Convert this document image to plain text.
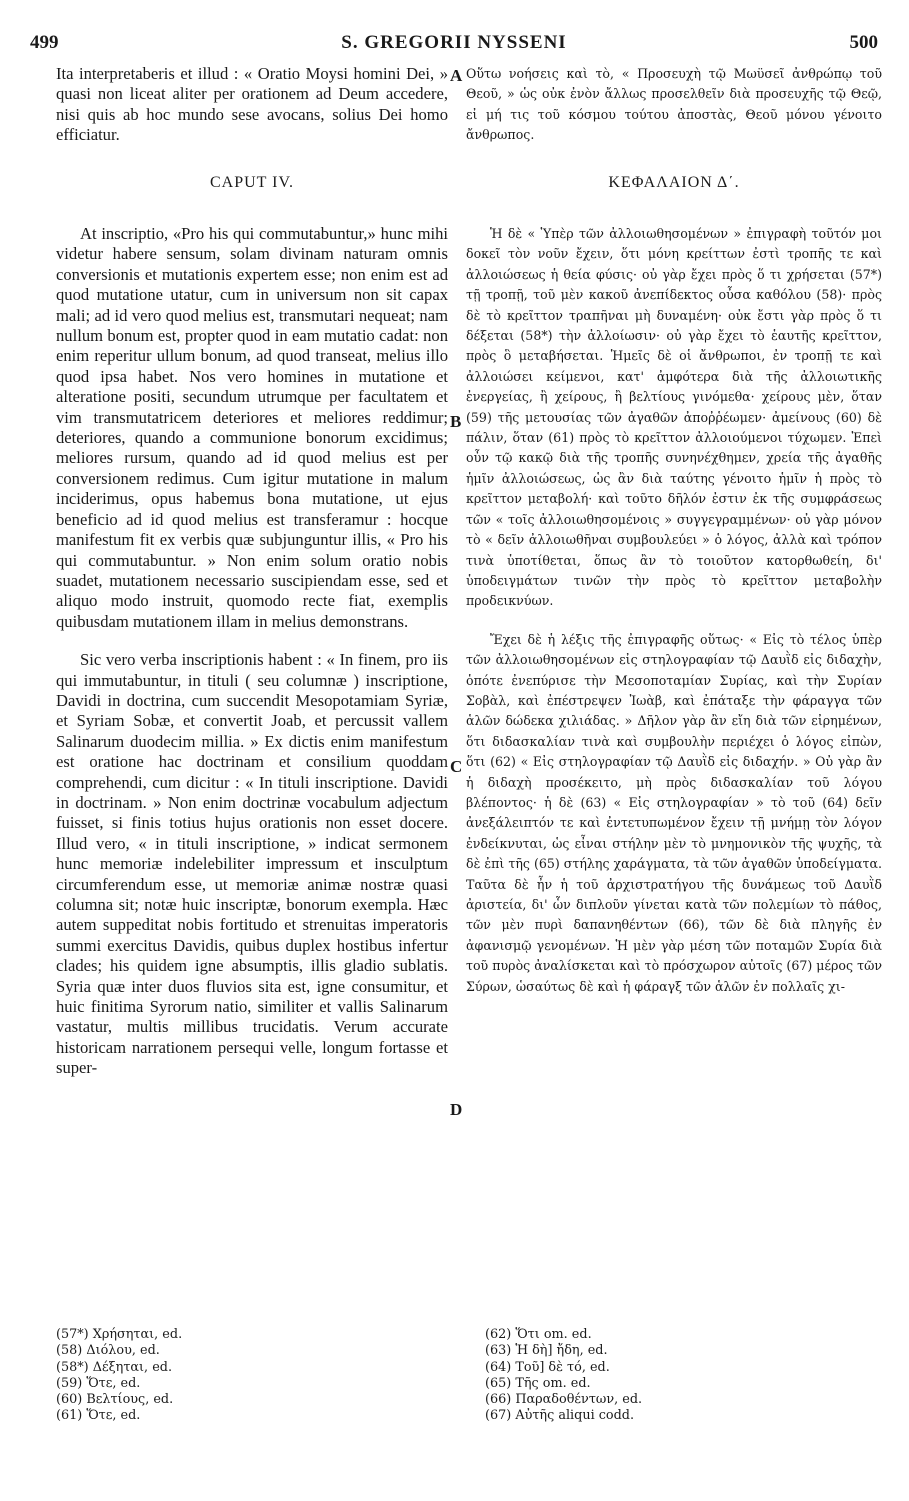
499	S. GREGORII NYSSENI	500

Ita interpretaberis et illud : « Oratio Moysi homini Dei, » quasi non liceat aliter per orationem ad Deum accedere, nisi quis ab hoc mundo sese avocans, solius Dei homo efficiatur.

CAPUT IV.

At inscriptio, «Pro his qui commutabuntur,» hunc mihi videtur habere sensum, solam divinam naturam omnis conversionis et mutationis expertem esse; non enim est ad quod mutatione utatur, cum in universum non sit capax mali; ad id vero quod melius est, transmutari nequeat; nam nullum bonum est, propter quod in eam mutatio cadat: non enim reperitur ullum bonum, ad quod transeat, melius illo quod ipsa habet. Nos vero homines in mutatione et alteratione positi, secundum utrumque per facultatem et vim transmutatricem deteriores et meliores reddimur; deteriores, quando a communione bonorum excidimus; meliores rursum, quando ad id quod melius est per conversionem redimus. Cum igitur mutatione in malum inciderimus, opus habemus bona mutatione, ut ejus beneficio ad id quod melius est transferamur : hocque manifestum fit ex verbis quæ subjunguntur illis, « Pro his qui commutabuntur. » Non enim solum oratio nobis suadet, mutationem necessario suscipiendam esse, sed et aliquo modo instruit, quomodo recte fiat, exemplis quibusdam mutationem illam in melius demonstrans.

Sic vero verba inscriptionis habent : « In finem, pro iis qui immutabuntur, in tituli ( seu columnæ ) inscriptione, Davidi in doctrina, cum succendit Mesopotamiam Syriæ, et Syriam Sobæ, et convertit Joab, et percussit vallem Salinarum duodecim millia. » Ex dictis enim manifestum est oratione hac doctrinam et consilium quoddam comprehendi, cum dicitur : « In tituli inscriptione. Davidi in doctrinam. » Non enim doctrinæ vocabulum adjectum fuisset, si finis totius hujus orationis non esset docere. Illud vero, « in tituli inscriptione, » indicat sermonem hunc memoriæ indelebiliter impressum et insculptum circumferendum esse, ut memoriæ animæ nostræ quasi columna sit; notæ huic inscriptæ, bonorum exempla. Hæc autem suppeditat nobis fortitudo et strenuitas imperatoris summi exercitus Davidis, quibus duplex hostibus infertur clades; his quidem igne absumptis, illis gladio sublatis. Syria quæ inter duos fluvios sita est, igne consumitur, et huic finitima Syrorum natio, similiter et vallis Salinarum vastatur, multis millibus trucidatis. Verum accurate historicam narrationem persequi velle, longum fortasse et super-

Οὕτω νοήσεις καὶ τὸ, « Προσευχὴ τῷ Μωϋσεῖ ἀνθρώπῳ τοῦ Θεοῦ, » ὡς οὐκ ἐνὸν ἄλλως προσελθεῖν διὰ προσευχῆς τῷ Θεῷ, εἰ μή τις τοῦ κόσμου τούτου ἀποστὰς, Θεοῦ μόνου γένοιτο ἄνθρωπος.

ΚΕΦΑΛΑΙΟΝ Δ΄.

Ἡ δὲ « Ὑπὲρ τῶν ἀλλοιωθησομένων » ἐπιγραφὴ τοῦτόν μοι δοκεῖ τὸν νοῦν ἔχειν, ὅτι μόνη κρείττων ἐστὶ τροπῆς τε καὶ ἀλλοιώσεως ἡ θεία φύσις· οὐ γὰρ ἔχει πρὸς ὅ τι χρήσεται (57*) τῇ τροπῇ, τοῦ μὲν κακοῦ ἀνεπίδεκτος οὖσα καθόλου (58)· πρὸς δὲ τὸ κρεῖττον τραπῆναι μὴ δυναμένη· οὐκ ἔστι γὰρ πρὸς ὅ τι δέξεται (58*) τὴν ἀλλοίωσιν· οὐ γὰρ ἔχει τὸ ἑαυτῆς κρεῖττον, πρὸς ὃ μεταβήσεται. Ἡμεῖς δὲ οἱ ἄνθρωποι, ἐν τροπῇ τε καὶ ἀλλοιώσει κείμενοι, κατ' ἀμφότερα διὰ τῆς ἀλλοιωτικῆς ἐνεργείας, ἢ χείρους, ἢ βελτίους γινόμεθα· χείρους μὲν, ὅταν (59) τῆς μετουσίας τῶν ἀγαθῶν ἀποῤῥέωμεν· ἀμείνους (60) δὲ πάλιν, ὅταν (61) πρὸς τὸ κρεῖττον ἀλλοιούμενοι τύχωμεν. Ἐπεὶ οὖν τῷ κακῷ διὰ τῆς τροπῆς συνηνέχθημεν, χρεία τῆς ἀγαθῆς ἡμῖν ἀλλοιώσεως, ὡς ἂν διὰ ταύτης γένοιτο ἡμῖν ἡ πρὸς τὸ κρεῖττον μεταβολή· καὶ τοῦτο δῆλόν ἐστιν ἐκ τῆς συμφράσεως τῶν « τοῖς ἀλλοιωθησομένοις » συγγεγραμμένων· οὐ γὰρ μόνον τὸ « δεῖν ἀλλοιωθῆναι συμβουλεύει » ὁ λόγος, ἀλλὰ καὶ τρόπον τινὰ ὑποτίθεται, ὅπως ἂν τὸ τοιοῦτον κατορθωθείη, δι' ὑποδειγμάτων τινῶν τὴν πρὸς τὸ κρεῖττον μεταβολὴν προδεικνύων.

Ἔχει δὲ ἡ λέξις τῆς ἐπιγραφῆς οὕτως· « Εἰς τὸ τέλος ὑπὲρ τῶν ἀλλοιωθησομένων εἰς στηλογραφίαν τῷ Δαυῒδ εἰς διδαχὴν, ὁπότε ἐνεπύρισε τὴν Μεσοποταμίαν Συρίας, καὶ τὴν Συρίαν Σοβὰλ, καὶ ἐπέστρεψεν Ἰωὰβ, καὶ ἐπάταξε τὴν φάραγγα τῶν ἁλῶν δώδεκα χιλιάδας. » Δῆλον γὰρ ἂν εἴη διὰ τῶν εἰρημένων, ὅτι διδασκαλίαν τινὰ καὶ συμβουλὴν περιέχει ὁ λόγος εἰπὼν, ὅτι (62) « Εἰς στηλογραφίαν τῷ Δαυῒδ εἰς διδαχήν. » Οὐ γὰρ ἂν ἡ διδαχὴ προσέκειτο, μὴ πρὸς διδασκαλίαν τοῦ λόγου βλέποντος· ἡ δὲ (63) « Εἰς στηλογραφίαν » τὸ τοῦ (64) δεῖν ἀνεξάλειπτόν τε καὶ ἐντετυπωμένον ἔχειν τῇ μνήμῃ τὸν λόγον ἐνδείκνυται, ὡς εἶναι στήλην μὲν τὸ μνημονικὸν τῆς ψυχῆς, τὰ δὲ ἐπὶ τῆς (65) στήλης χαράγματα, τὰ τῶν ἀγαθῶν ὑποδείγματα. Ταῦτα δὲ ἦν ἡ τοῦ ἀρχιστρατήγου τῆς δυνάμεως τοῦ Δαυῒδ ἀριστεία, δι' ὧν διπλοῦν γίνεται κατὰ τῶν πολεμίων τὸ πάθος, τῶν μὲν πυρὶ δαπανηθέντων (66), τῶν δὲ διὰ πληγῆς ἐν ἀφανισμῷ γενομένων. Ἡ μὲν γὰρ μέση τῶν ποταμῶν Συρία διὰ τοῦ πυρὸς ἀναλίσκεται καὶ τὸ πρόσχωρον αὐτοῖς (67) μέρος τῶν Σύρων, ὡσαύτως δὲ καὶ ἡ φάραγξ τῶν ἁλῶν ἐν πολλαῖς χι-

A
B
C
D
(57*) Χρήσηται, ed.
(58) Διόλου, ed.
(58*) Δέξηται, ed.
(59) Ὅτε, ed.
(60) Βελτίους, ed.
(61) Ὅτε, ed.
(62) Ὅτι om. ed.
(63) Ἡ δὴ] ἤδη, ed.
(64) Τοῦ] δὲ τό, ed.
(65) Τῆς om. ed.
(66) Παραδοθέντων, ed.
(67) Αὐτῆς aliqui codd.
